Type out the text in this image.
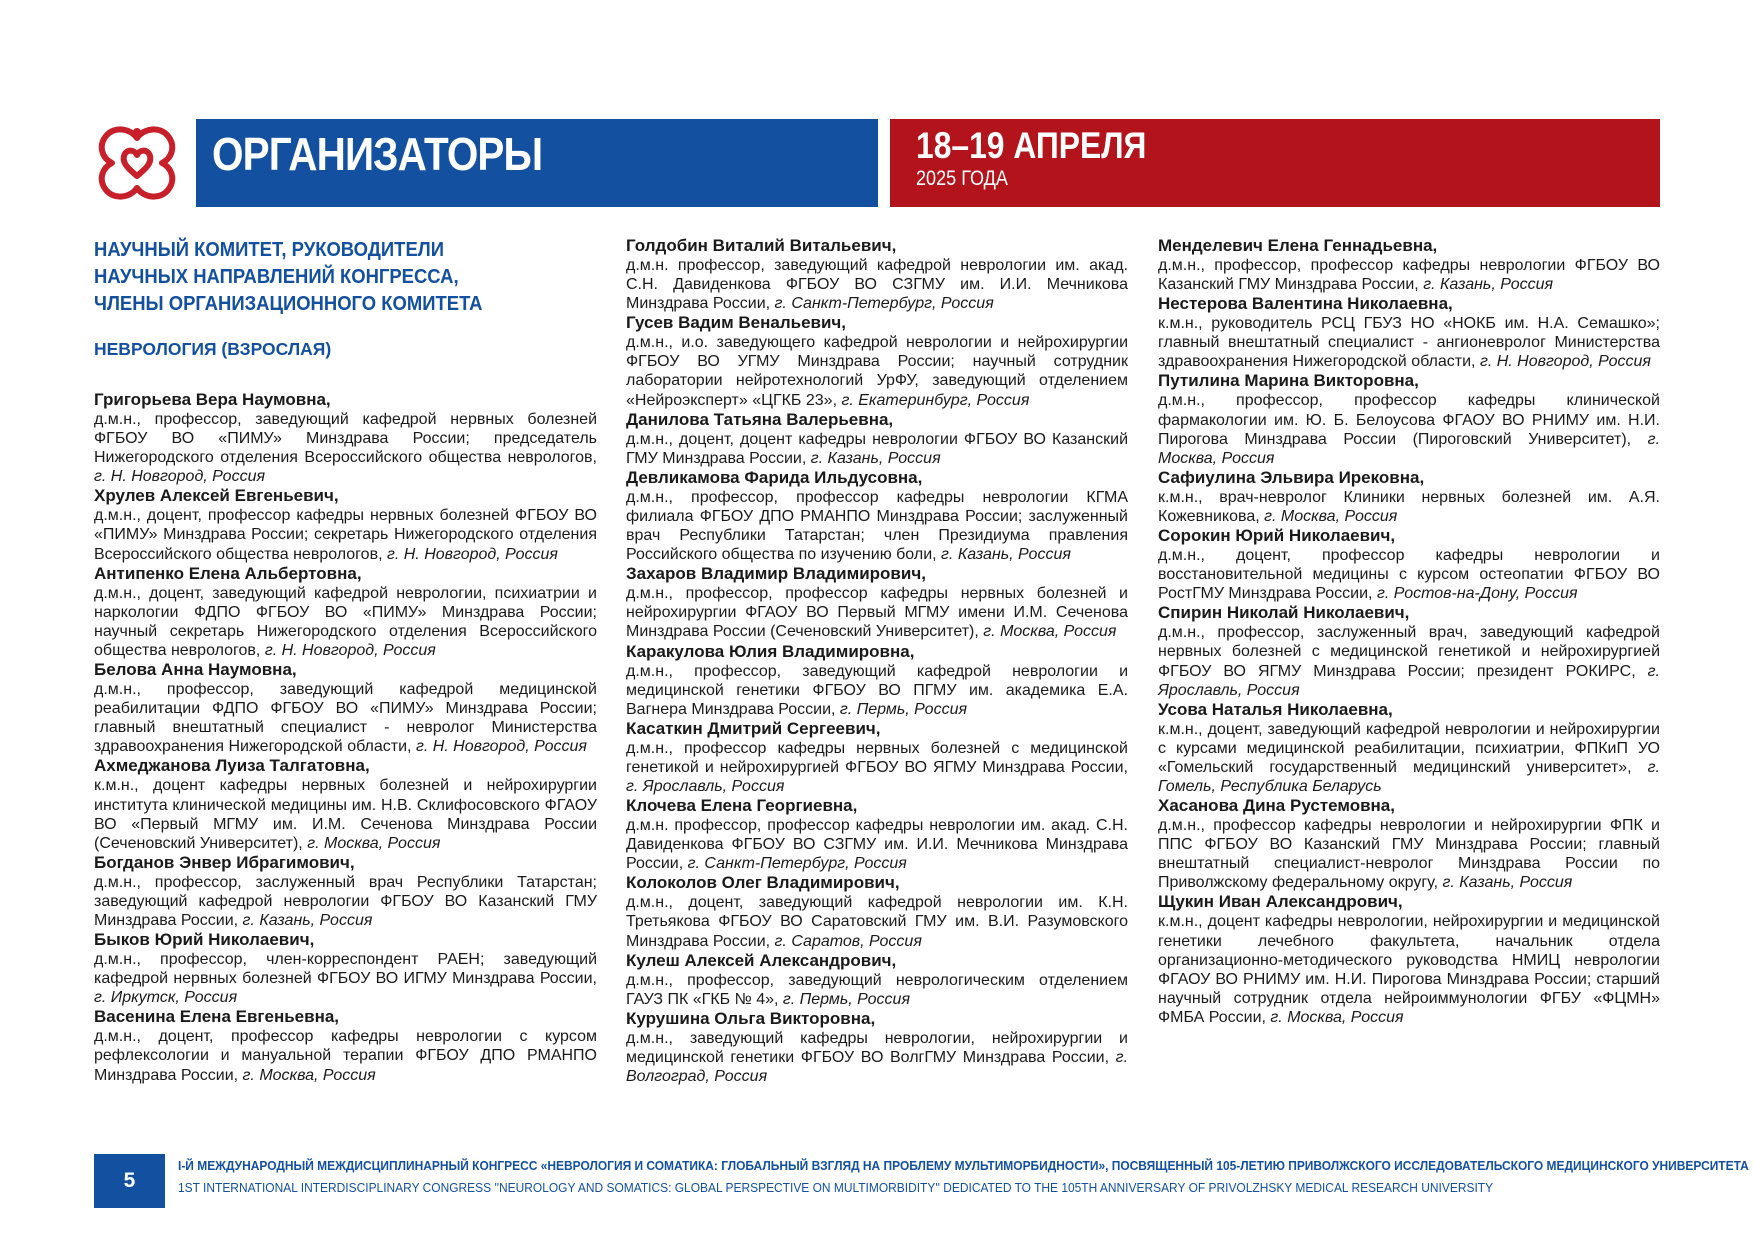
ОРГАНИЗАТОРЫ	18–19 АПРЕЛЯ
2025 ГОДА
НАУЧНЫЙ КОМИТЕТ, РУКОВОДИТЕЛИ
НАУЧНЫХ НАПРАВЛЕНИЙ КОНГРЕССА,
ЧЛЕНЫ ОРГАНИЗАЦИОННОГО КОМИТЕТА
НЕВРОЛОГИЯ (ВЗРОСЛАЯ)
Григорьева Вера Наумовна,
д.м.н., профессор, заведующий кафедрой нервных болезней ФГБОУ ВО «ПИМУ» Минздрава России; председатель Нижегородского отделения Всероссийского общества неврологов, г. Н. Новгород, Россия
Хрулев Алексей Евгеньевич,
д.м.н., доцент, профессор кафедры нервных болезней ФГБОУ ВО «ПИМУ» Минздрава России; секретарь Нижегородского отделения Всероссийского общества неврологов, г. Н. Новгород, Россия
Антипенко Елена Альбертовна,
д.м.н., доцент, заведующий кафедрой неврологии, психиатрии и наркологии ФДПО ФГБОУ ВО «ПИМУ» Минздрава России; научный секретарь Нижегородского отделения Всероссийского общества неврологов, г. Н. Новгород, Россия
Белова Анна Наумовна,
д.м.н., профессор, заведующий кафедрой медицинской реабилитации ФДПО ФГБОУ ВО «ПИМУ» Минздрава России; главный внештатный специалист - невролог Министерства здравоохранения Нижегородской области, г. Н. Новгород, Россия
Ахмеджанова Луиза Талгатовна,
к.м.н., доцент кафедры нервных болезней и нейрохирургии института клинической медицины им. Н.В. Склифосовского ФГАОУ ВО «Первый МГМУ им. И.М. Сеченова Минздрава России (Сеченовский Университет), г. Москва, Россия
Богданов Энвер Ибрагимович,
д.м.н., профессор, заслуженный врач Республики Татарстан; заведующий кафедрой неврологии ФГБОУ ВО Казанский ГМУ Минздрава России, г. Казань, Россия
Быков Юрий Николаевич,
д.м.н., профессор, член-корреспондент РАЕН; заведующий кафедрой нервных болезней ФГБОУ ВО ИГМУ Минздрава России, г. Иркутск, Россия
Васенина Елена Евгеньевна,
д.м.н., доцент, профессор кафедры неврологии с курсом рефлексологии и мануальной терапии ФГБОУ ДПО РМАНПО Минздрава России, г. Москва, Россия
Голдобин Виталий Витальевич,
д.м.н. профессор, заведующий кафедрой неврологии им. акад. С.Н. Давиденкова ФГБОУ ВО СЗГМУ им. И.И. Мечникова Минздрава России, г. Санкт-Петербург, Россия
Гусев Вадим Венальевич,
д.м.н., и.о. заведующего кафедрой неврологии и нейрохирургии ФГБОУ ВО УГМУ Минздрава России; научный сотрудник лаборатории нейротехнологий УрФУ, заведующий отделением «Нейроэксперт» «ЦГКБ 23», г. Екатеринбург, Россия
Данилова Татьяна Валерьевна,
д.м.н., доцент, доцент кафедры неврологии ФГБОУ ВО Казанский ГМУ Минздрава России, г. Казань, Россия
Девликамова Фарида Ильдусовна,
д.м.н., профессор, профессор кафедры неврологии КГМА филиала ФГБОУ ДПО РМАНПО Минздрава России; заслуженный врач Республики Татарстан; член Президиума правления Российского общества по изучению боли, г. Казань, Россия
Захаров Владимир Владимирович,
д.м.н., профессор, профессор кафедры нервных болезней и нейрохирургии ФГАОУ ВО Первый МГМУ имени И.М. Сеченова Минздрава России (Сеченовский Университет), г. Москва, Россия
Каракулова Юлия Владимировна,
д.м.н., профессор, заведующий кафедрой неврологии и медицинской генетики ФГБОУ ВО ПГМУ им. академика Е.А. Вагнера Минздрава России, г. Пермь, Россия
Касаткин Дмитрий Сергеевич,
д.м.н., профессор кафедры нервных болезней с медицинской генетикой и нейрохирургией ФГБОУ ВО ЯГМУ Минздрава России, г. Ярославль, Россия
Клочева Елена Георгиевна,
д.м.н. профессор, профессор кафедры неврологии им. акад. С.Н. Давиденкова ФГБОУ ВО СЗГМУ им. И.И. Мечникова Минздрава России, г. Санкт-Петербург, Россия
Колоколов Олег Владимирович,
д.м.н., доцент, заведующий кафедрой неврологии им. К.Н. Третьякова ФГБОУ ВО Саратовский ГМУ им. В.И. Разумовского Минздрава России, г. Саратов, Россия
Кулеш Алексей Александрович,
д.м.н., профессор, заведующий неврологическим отделением ГАУЗ ПК «ГКБ № 4», г. Пермь, Россия
Курушина Ольга Викторовна,
д.м.н., заведующий кафедры неврологии, нейрохирургии и медицинской генетики ФГБОУ ВО ВолгГМУ Минздрава России, г. Волгоград, Россия
Менделевич Елена Геннадьевна,
д.м.н., профессор, профессор кафедры неврологии ФГБОУ ВО Казанский ГМУ Минздрава России, г. Казань, Россия
Нестерова Валентина Николаевна,
к.м.н., руководитель РСЦ ГБУЗ НО «НОКБ им. Н.А. Семашко»; главный внештатный специалист - ангионевролог Министерства здравоохранения Нижегородской области, г. Н. Новгород, Россия
Путилина Марина Викторовна,
д.м.н., профессор, профессор кафедры клинической фармакологии им. Ю. Б. Белоусова ФГАОУ ВО РНИМУ им. Н.И. Пирогова Минздрава России (Пироговский Университет), г. Москва, Россия
Сафиулина Эльвира Ирековна,
к.м.н., врач-невролог Клиники нервных болезней им. А.Я. Кожевникова, г. Москва, Россия
Сорокин Юрий Николаевич,
д.м.н., доцент, профессор кафедры неврологии и восстановительной медицины с курсом остеопатии ФГБОУ ВО РостГМУ Минздрава России, г. Ростов-на-Дону, Россия
Спирин Николай Николаевич,
д.м.н., профессор, заслуженный врач, заведующий кафедрой нервных болезней с медицинской генетикой и нейрохирургией ФГБОУ ВО ЯГМУ Минздрава России; президент РОКИРС, г. Ярославль, Россия
Усова Наталья Николаевна,
к.м.н., доцент, заведующий кафедрой неврологии и нейрохирургии с курсами медицинской реабилитации, психиатрии, ФПКиП УО «Гомельский государственный медицинский университет», г. Гомель, Республика Беларусь
Хасанова Дина Рустемовна,
д.м.н., профессор кафедры неврологии и нейрохирургии ФПК и ППС ФГБОУ ВО Казанский ГМУ Минздрава России; главный внештатный специалист-невролог Минздрава России по Приволжскому федеральному округу, г. Казань, Россия
Щукин Иван Александрович,
к.м.н., доцент кафедры неврологии, нейрохирургии и медицинской генетики лечебного факультета, начальник отдела организационно-методического руководства НМИЦ неврологии ФГАОУ ВО РНИМУ им. Н.И. Пирогова Минздрава России; старший научный сотрудник отдела нейроиммунологии ФГБУ «ФЦМН» ФМБА России, г. Москва, Россия
5
I-Й МЕЖДУНАРОДНЫЙ МЕЖДИСЦИПЛИНАРНЫЙ КОНГРЕСС «НЕВРОЛОГИЯ И СОМАТИКА: ГЛОБАЛЬНЫЙ ВЗГЛЯД НА ПРОБЛЕМУ МУЛЬТИМОРБИДНОСТИ», ПОСВЯЩЕННЫЙ 105-ЛЕТИЮ ПРИВОЛЖСКОГО ИССЛЕДОВАТЕЛЬСКОГО МЕДИЦИНСКОГО УНИВЕРСИТЕТА
1ST INTERNATIONAL INTERDISCIPLINARY CONGRESS ''NEUROLOGY AND SOMATICS: GLOBAL PERSPECTIVE ON MULTIMORBIDITY'' DEDICATED TO THE 105TH ANNIVERSARY OF PRIVOLZHSKY MEDICAL RESEARCH UNIVERSITY
